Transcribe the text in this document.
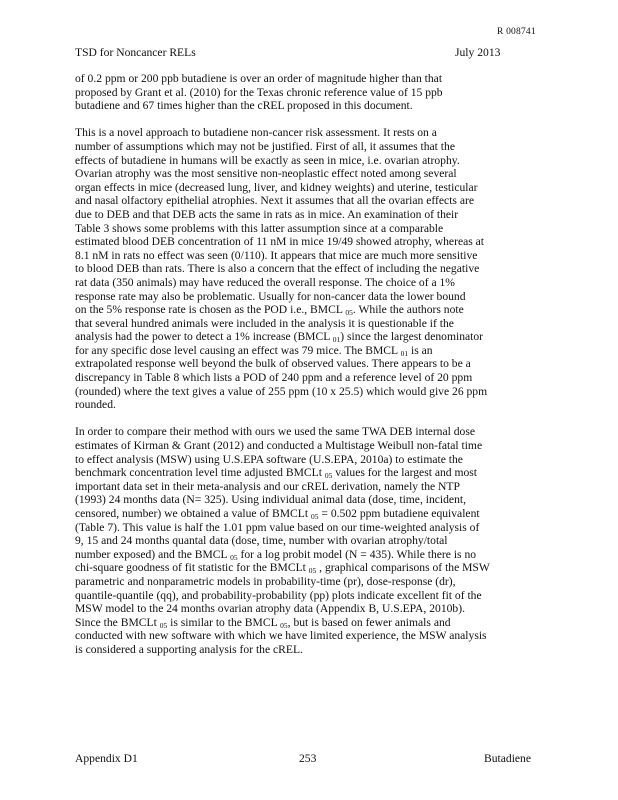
R 008741
TSD for Noncancer RELs	July 2013

of 0.2 ppm or 200 ppb butadiene is over an order of magnitude higher than that
proposed by Grant et al. (2010) for the Texas chronic reference value of 15 ppb
butadiene and 67 times higher than the cREL proposed in this document.

This is a novel approach to butadiene non-cancer risk assessment. It rests on a
number of assumptions which may not be justified. First of all, it assumes that the
effects of butadiene in humans will be exactly as seen in mice, i.e. ovarian atrophy.
Ovarian atrophy was the most sensitive non-neoplastic effect noted among several
organ effects in mice (decreased lung, liver, and kidney weights) and uterine, testicular
and nasal olfactory epithelial atrophies. Next it assumes that all the ovarian effects are
due to DEB and that DEB acts the same in rats as in mice. An examination of their
Table 3 shows some problems with this latter assumption since at a comparable
estimated blood DEB concentration of 11 nM in mice 19/49 showed atrophy, whereas at
8.1 nM in rats no effect was seen (0/110). It appears that mice are much more sensitive
to blood DEB than rats. There is also a concern that the effect of including the negative
rat data (350 animals) may have reduced the overall response. The choice of a 1%
response rate may also be problematic. Usually for non-cancer data the lower bound
on the 5% response rate is chosen as the POD i.e., BMCL $_{05}$. While the authors note
that several hundred animals were included in the analysis it is questionable if the
analysis had the power to detect a 1% increase (BMCL $_{01}$) since the largest denominator
for any specific dose level causing an effect was 79 mice. The BMCL $_{01}$ is an
extrapolated response well beyond the bulk of observed values. There appears to be a
discrepancy in Table 8 which lists a POD of 240 ppm and a reference level of 20 ppm
(rounded) where the text gives a value of 255 ppm (10 x 25.5) which would give 26 ppm
rounded.

In order to compare their method with ours we used the same TWA DEB internal dose
estimates of Kirman & Grant (2012) and conducted a Multistage Weibull non-fatal time
to effect analysis (MSW) using U.S.EPA software (U.S.EPA, 2010a) to estimate the
benchmark concentration level time adjusted BMCLt $_{05}$ values for the largest and most
important data set in their meta-analysis and our cREL derivation, namely the NTP
(1993) 24 months data (N= 325). Using individual animal data (dose, time, incident,
censored, number) we obtained a value of BMCLt $_{05}$ = 0.502 ppm butadiene equivalent
(Table 7). This value is half the 1.01 ppm value based on our time-weighted analysis of
9, 15 and 24 months quantal data (dose, time, number with ovarian atrophy/total
number exposed) and the BMCL $_{05}$ for a log probit model (N = 435). While there is no
chi-square goodness of fit statistic for the BMCLt $_{05}$ , graphical comparisons of the MSW
parametric and nonparametric models in probability-time (pr), dose-response (dr),
quantile-quantile (qq), and probability-probability (pp) plots indicate excellent fit of the
MSW model to the 24 months ovarian atrophy data (Appendix B, U.S.EPA, 2010b).
Since the BMCLt $_{05}$ is similar to the BMCL $_{05}$, but is based on fewer animals and
conducted with new software with which we have limited experience, the MSW analysis
is considered a supporting analysis for the cREL.

Appendix D1	253	Butadiene
